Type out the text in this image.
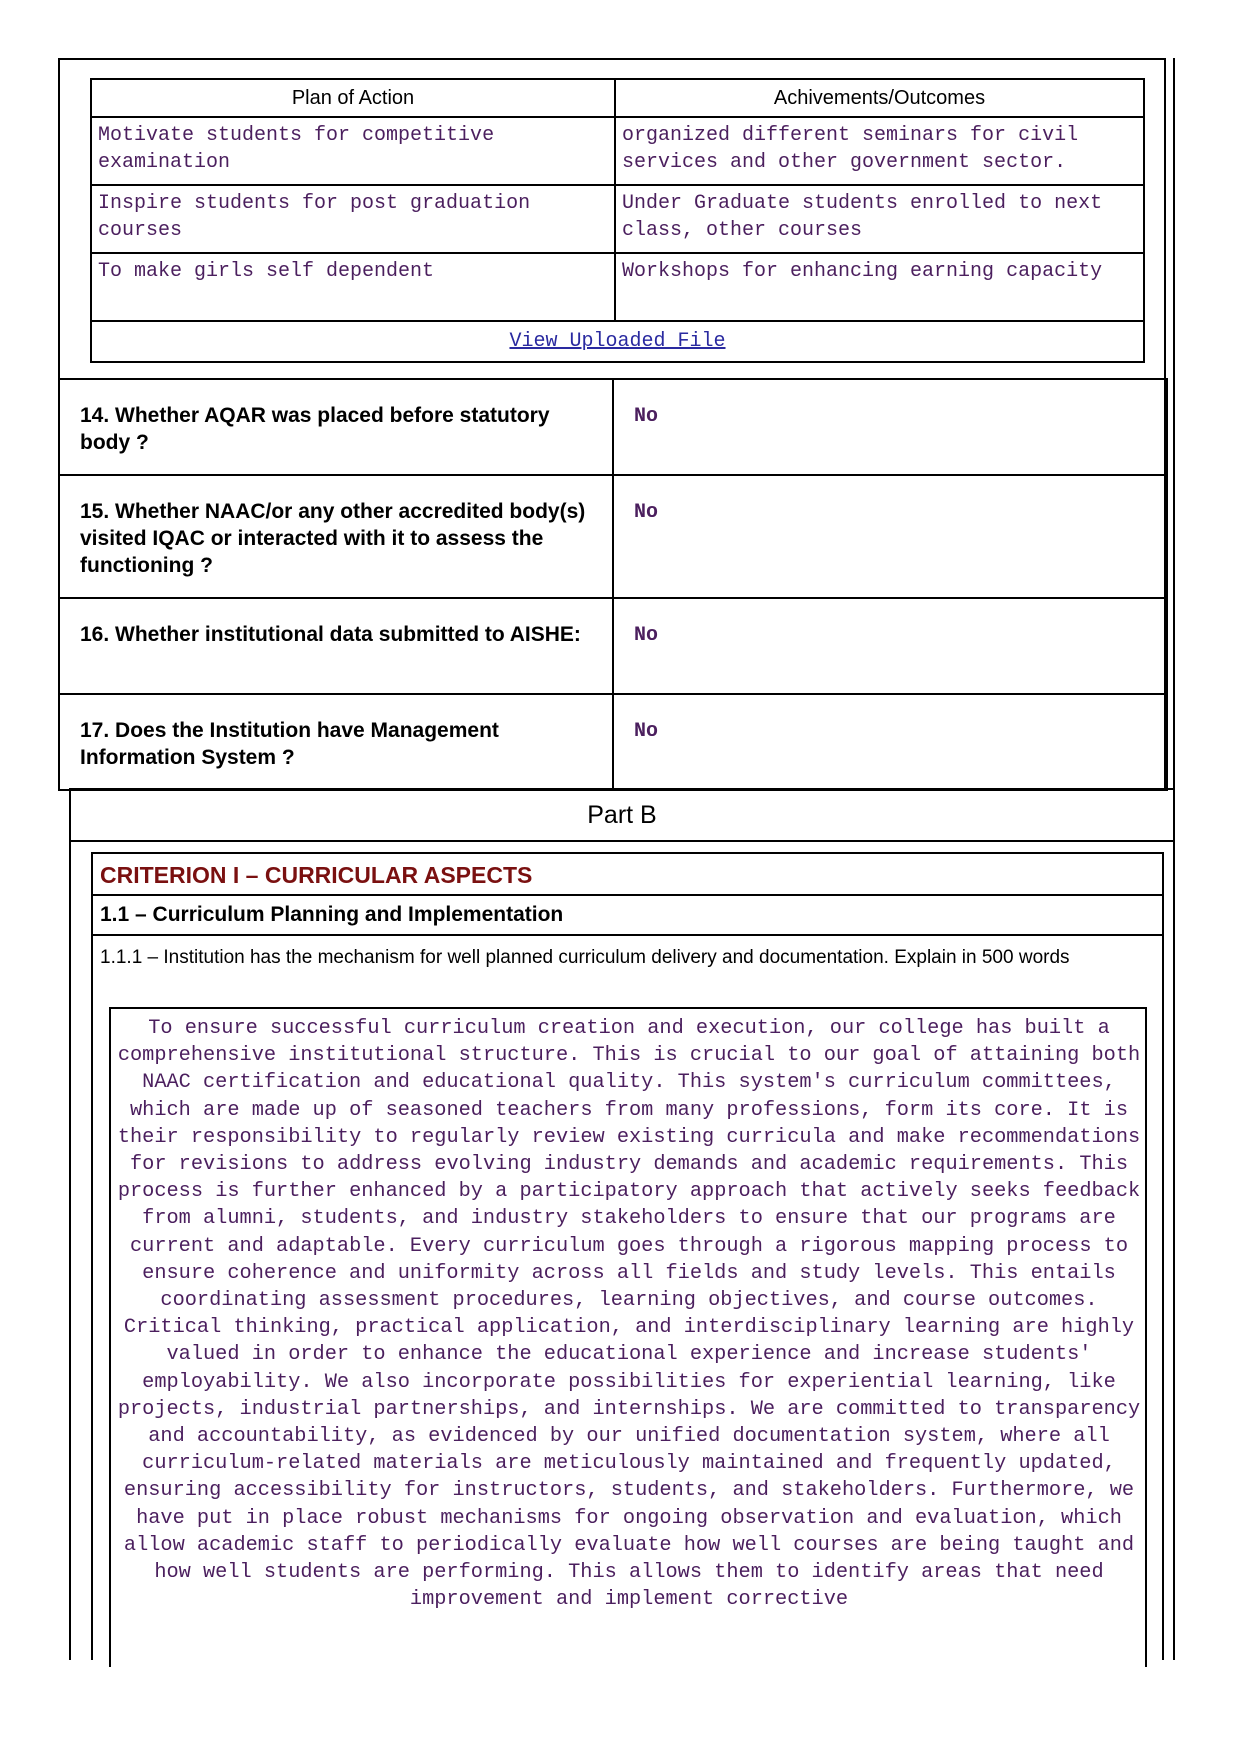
Plan of Action	Achivements/Outcomes
Motivate students for competitive examination	organized different seminars for civil services and other government sector.
Inspire students for post graduation courses	Under Graduate students enrolled to next class, other courses
To make girls self dependent	Workshops for enhancing earning capacity
View Uploaded File	
14. Whether AQAR was placed before statutory body ?	No
15. Whether NAAC/or any other accredited body(s) visited IQAC or interacted with it to assess the functioning ?	No
16. Whether institutional data submitted to AISHE:	No
17. Does the Institution have Management Information System ?	No
Part B
CRITERION I – CURRICULAR ASPECTS
1.1 – Curriculum Planning and Implementation
1.1.1 – Institution has the mechanism for well planned curriculum delivery and documentation. Explain in 500 words
To ensure successful curriculum creation and execution, our college has built a comprehensive institutional structure. This is crucial to our goal of attaining both NAAC certification and educational quality. This system's curriculum committees, which are made up of seasoned teachers from many professions, form its core. It is their responsibility to regularly review existing curricula and make recommendations for revisions to address evolving industry demands and academic requirements. This process is further enhanced by a participatory approach that actively seeks feedback from alumni, students, and industry stakeholders to ensure that our programs are current and adaptable. Every curriculum goes through a rigorous mapping process to ensure coherence and uniformity across all fields and study levels. This entails coordinating assessment procedures, learning objectives, and course outcomes. Critical thinking, practical application, and interdisciplinary learning are highly valued in order to enhance the educational experience and increase students' employability. We also incorporate possibilities for experiential learning, like projects, industrial partnerships, and internships. We are committed to transparency and accountability, as evidenced by our unified documentation system, where all curriculum-related materials are meticulously maintained and frequently updated, ensuring accessibility for instructors, students, and stakeholders. Furthermore, we have put in place robust mechanisms for ongoing observation and evaluation, which allow academic staff to periodically evaluate how well courses are being taught and how well students are performing. This allows them to identify areas that need improvement and implement corrective
